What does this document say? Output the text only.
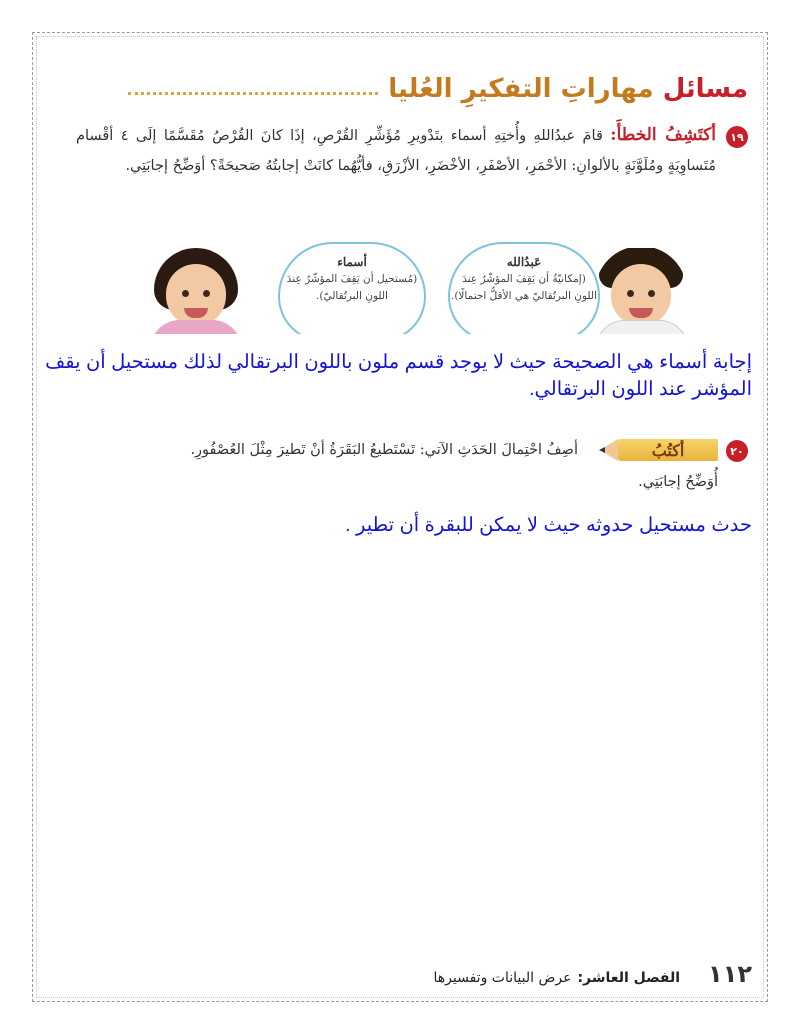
مسائل مهاراتِ التفكيرِ العُليا
١٩
أكتَشِفُ الخطأَ: قامَ عبدُاللهِ وأُختِهِ أسماء بتَدْويرِ مُؤَشِّرِ القُرْصِ، إذَا كانَ القُرْصُ مُقَسَّمًا إلَى ٤ أقْسام مُتَساوِيَةٍ ومُلَوَّنَةٍ بالألوانِ: الأحْمَرِ، الأصْفَرِ، الأخْضَرِ، الأزْرَقِ، فأيُّهُما كانَتْ إجابتُهُ صَحيحَةً؟ أوَضِّحُ إجابَتِي.
أسماء
(مُستحيل أن يَقِفَ المؤشّرُ عِندَ اللونِ البرتُقاليّ).
عَبدُالله
(إمكانيّةُ أن يَقِفَ المؤشّرُ عِندَ اللونِ البرتُقاليّ هي الأقلُّ احتمالًا).
إجابة أسماء هي الصحيحة حيث لا يوجد قسم ملون باللون البرتقالي لذلك مستحيل أن يقف المؤشر عند اللون البرتقالي.
٢٠
أكتُبُ
أصِفُ احْتِمالَ الحَدَثِ الآتي: تَسْتَطيعُ البَقَرَةُ أنْ تَطيرَ مِثْلَ العُصْفُورِ.
أُوَضِّحُ إجابَتِي.
حدث مستحيل حدوثه حيث لا يمكن للبقرة أن تطير .
١١٢
الفصل العاشر:عرض البيانات وتفسيرها
